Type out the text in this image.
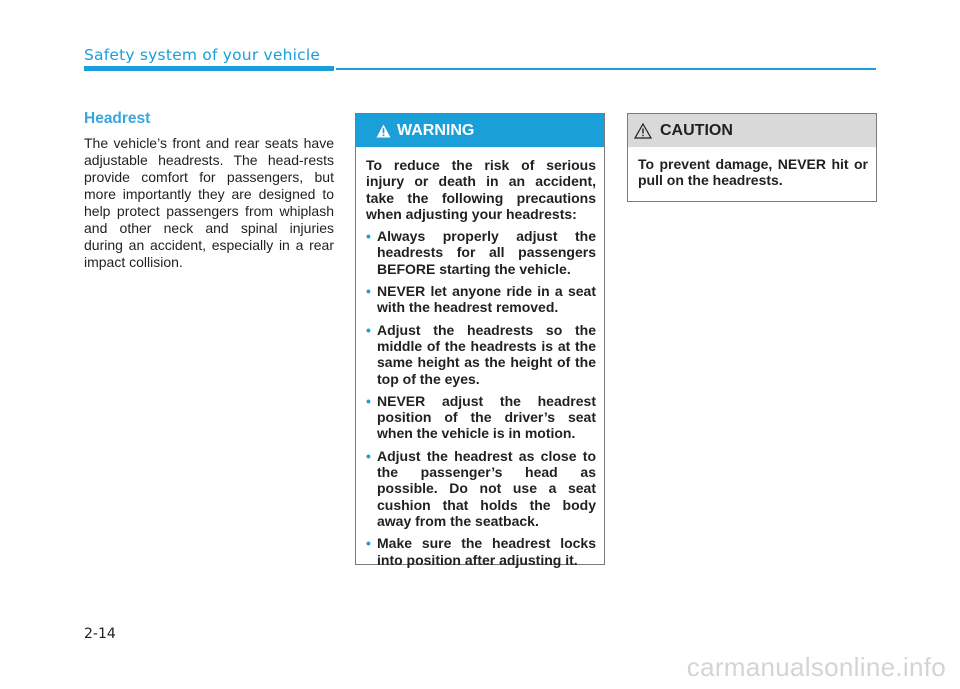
Safety system of your vehicle
Headrest

The vehicle’s front and rear seats have adjustable headrests. The head-rests provide comfort for passengers, but more importantly they are designed to help protect passengers from whiplash and other neck and spinal injuries during an accident, especially in a rear impact collision.

WARNING

To reduce the risk of serious injury or death in an accident, take the following precautions when adjusting your headrests:

• Always properly adjust the headrests for all passengers BEFORE starting the vehicle.
• NEVER let anyone ride in a seat with the headrest removed.
• Adjust the headrests so the middle of the headrests is at the same height as the height of the top of the eyes.
• NEVER adjust the headrest position of the driver’s seat when the vehicle is in motion.
• Adjust the headrest as close to the passenger’s head as possible. Do not use a seat cushion that holds the body away from the seatback.
• Make sure the headrest locks into position after adjusting it.
CAUTION
To prevent damage, NEVER hit or pull on the headrests.
2-14
carmanualsonline.info
